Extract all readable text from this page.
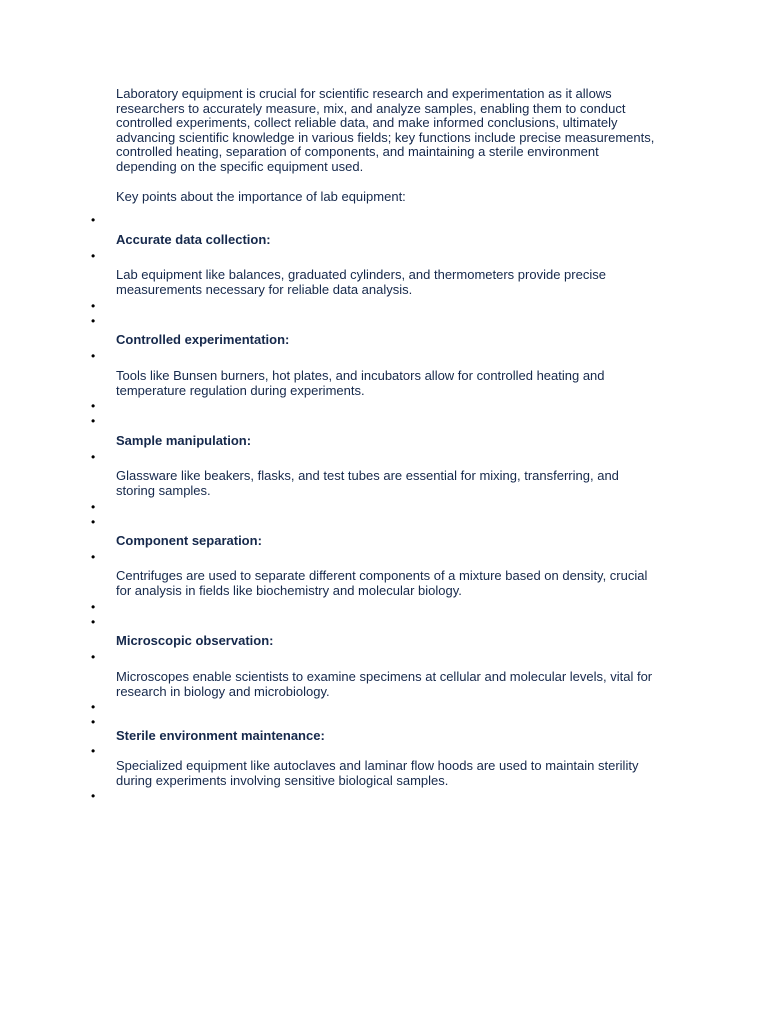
Laboratory equipment is crucial for scientific research and experimentation as it allows researchers to accurately measure, mix, and analyze samples, enabling them to conduct controlled experiments, collect reliable data, and make informed conclusions, ultimately advancing scientific knowledge in various fields; key functions include precise measurements, controlled heating, separation of components, and maintaining a sterile environment depending on the specific equipment used.

Key points about the importance of lab equipment:

•

Accurate data collection:

•

Lab equipment like balances, graduated cylinders, and thermometers provide precise measurements necessary for reliable data analysis.

•
•

Controlled experimentation:

•

Tools like Bunsen burners, hot plates, and incubators allow for controlled heating and temperature regulation during experiments.

•
•

Sample manipulation:

•

Glassware like beakers, flasks, and test tubes are essential for mixing, transferring, and storing samples.

•
•

Component separation:

•

Centrifuges are used to separate different components of a mixture based on density, crucial for analysis in fields like biochemistry and molecular biology.

•
•

Microscopic observation:

•

Microscopes enable scientists to examine specimens at cellular and molecular levels, vital for research in biology and microbiology.

•
•

Sterile environment maintenance:

•

Specialized equipment like autoclaves and laminar flow hoods are used to maintain sterility during experiments involving sensitive biological samples.

•
